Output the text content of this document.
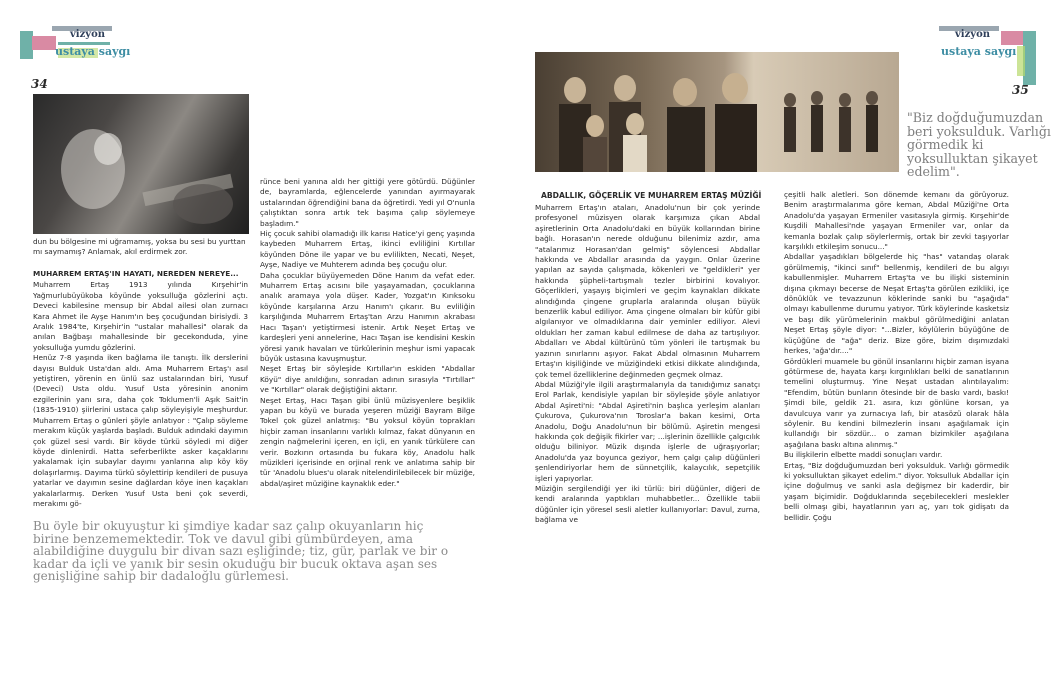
vizyon
ustaya saygı
34
dun bu bölgesine mi uğramamış, yoksa bu sesi bu yurttan mı saymamış? Anlamak, akıl erdirmek zor.

MUHARREM ERTAŞ'IN HAYATI, NEREDEN NEREYE...

Muharrem Ertaş 1913 yılında Kırşehir'in Yağmurlubüyükoba köyünde yoksulluğa gözlerini açtı. Deveci kabilesine mensup bir Abdal ailesi olan zurnacı Kara Ahmet ile Ayşe Hanım'ın beş çocuğundan birisiydi. 3 Aralık 1984'te, Kırşehir'in "ustalar mahallesi" olarak da anılan Bağbaşı mahallesinde bir gecekonduda, yine yoksulluğa yumdu gözlerini.

Henüz 7-8 yaşında iken bağlama ile tanıştı. İlk derslerini dayısı Bulduk Usta'dan aldı. Ama Muharrem Ertaş'ı asıl yetiştiren, yörenin en ünlü saz ustalarından biri, Yusuf (Deveci) Usta oldu. Yusuf Usta yöresinin anonim ezgilerinin yanı sıra, daha çok Toklumen'li Aşık Sait'in (1835-1910) şiirlerini ustaca çalıp söyleyişiyle meşhurdur. Muharrem Ertaş o günleri şöyle anlatıyor : "Çalıp söyleme merakım küçük yaşlarda başladı. Bulduk adındaki dayımın çok güzel sesi vardı. Bir köyde türkü söyledi mi diğer köyde dinlenirdi. Hatta seferberlikte asker kaçaklarını yakalamak için subaylar dayımı yanlarına alıp köy köy dolaşırlarmış. Dayıma türkü söylettirip kendileri de pusuya yatarlar ve dayımın sesine dağlardan köye inen kaçakları yakalarlarmış. Derken Yusuf Usta beni çok severdi, merakımı gö-

rünce beni yanına aldı her gittiği yere götürdü. Düğünler de, bayramlarda, eğlencelerde yanından ayırmayarak ustalarından öğrendiğini bana da öğretirdi. Yedi yıl O'nunla çalıştıktan sonra artık tek başıma çalıp söylemeye başladım."

Hiç çocuk sahibi olamadığı ilk karısı Hatice'yi genç yaşında kaybeden Muharrem Ertaş, ikinci evliliğini Kırtıllar köyünden Döne ile yapar ve bu evlilikten, Necati, Neşet, Ayşe, Nadiye ve Muhterem adında beş çocuğu olur.

Daha çocuklar büyüyemeden Döne Hanım da vefat eder. Muharrem Ertaş acısını bile yaşayamadan, çocuklarına analık aramaya yola düşer. Kader, Yozgat'ın Kırıksoku köyünde karşılarına Arzu Hanım'ı çıkarır. Bu evliliğin karşılığında Muharrem Ertaş'tan Arzu Hanımın akrabası Hacı Taşan'ı yetiştirmesi istenir. Artık Neşet Ertaş ve kardeşleri yeni annelerine, Hacı Taşan ise kendisini Keskin yöresi yanık havaları ve türkülerinin meşhur ismi yapacak büyük ustasına kavuşmuştur.

Neşet Ertaş bir söyleşide Kırtıllar'ın eskiden "Abdallar Köyü" diye anıldığını, sonradan adının sırasıyla "Tırtıllar" ve "Kırtıllar" olarak değiştiğini aktarır.

Neşet Ertaş, Hacı Taşan gibi ünlü müzisyenlere beşiklik yapan bu köyü ve burada yeşeren müziği Bayram Bilge Tokel çok güzel anlatmış: "Bu yoksul köyün toprakları hiçbir zaman insanlarını varlıklı kılmaz, fakat dünyanın en zengin nağmelerini içeren, en içli, en yanık türkülere can verir. Bozkırın ortasında bu fukara köy, Anadolu halk müzikleri içerisinde en orjinal renk ve anlatıma sahip bir tür 'Anadolu blues'u olarak nitelendirilebilecek bir müziğe, abdal/aşiret müziğine kaynaklık eder."

Bu öyle bir okuyuştur ki şimdiye kadar saz çalıp okuyanların hiç birine benzememektedir. Tok ve davul gibi gümbürdeyen, ama alabildiğine duygulu bir divan sazı eşliğinde; tiz, gür, parlak ve bir o kadar da içli ve yanık bir sesin okuduğu bir bucuk oktava aşan ses genişliğine sahip bir dadaloğlu gürlemesi.
vizyon
ustaya saygı
35
"Biz doğduğumuzdan beri yoksulduk. Varlığı görmedik ki yoksulluktan şikayet edelim".
ABDALLIK, GÖÇERLİK VE MUHARREM ERTAŞ MÜZİĞİ

Muharrem Ertaş'ın ataları, Anadolu'nun bir çok yerinde profesyonel müzisyen olarak karşımıza çıkan Abdal aşiretlerinin Orta Anadolu'daki en büyük kollarından birine bağlı. Horasan'ın nerede olduğunu bilenimiz azdır, ama "atalarımız Horasan'dan gelmiş" söylencesi Abdallar hakkında ve Abdallar arasında da yaygın. Onlar üzerine yapılan az sayıda çalışmada, kökenleri ve "geldikleri" yer hakkında şüpheli-tartışmalı tezler birbirini kovalıyor. Göçerlikleri, yaşayış biçimleri ve geçim kaynakları dikkate alındığında çingene gruplarla aralarında oluşan büyük benzerlik kabul ediliyor. Ama çingene olmaları bir küfür gibi algılanıyor ve olmadıklarına dair yeminler ediliyor. Alevi oldukları her zaman kabul edilmese de daha az tartışılıyor. Abdalları ve Abdal kültürünü tüm yönleri ile tartışmak bu yazının sınırlarını aşıyor. Fakat Abdal olmasının Muharrem Ertaş'ın kişiliğinde ve müziğindeki etkisi dikkate alındığında, çok temel özelliklerine değinmeden geçmek olmaz.

Abdal Müziği'yle ilgili araştırmalarıyla da tanıdığımız sanatçı Erol Parlak, kendisiyle yapılan bir söyleşide şöyle anlatıyor Abdal Aşireti'ni: "Abdal Aşireti'nin başlıca yerleşim alanları Çukurova, Çukurova'nın Toroslar'a bakan kesimi, Orta Anadolu, Doğu Anadolu'nun bir bölümü. Aşiretin mengesi hakkında çok değişik fikirler var; ...işlerinin özellikle çalgıcılık olduğu biliniyor. Müzik dışında işlerle de uğraşıyorlar; Anadolu'da yaz boyunca geziyor, hem çalgı çalıp düğünleri şenlendiriyorlar hem de sünnetçilik, kalaycılık, sepetçilik işleri yapıyorlar.

Müziğin sergilendiği yer iki türlü: biri düğünler, diğeri de kendi aralarında yaptıkları muhabbetler... Özellikle tabii düğünler için yöresel sesli aletler kullanıyorlar: Davul, zurna, bağlama ve

çeşitli halk aletleri. Son dönemde kemanı da görüyoruz. Benim araştırmalarıma göre keman, Abdal Müziği'ne Orta Anadolu'da yaşayan Ermeniler vasıtasıyla girmiş. Kırşehir'de Kuşdili Mahallesi'nde yaşayan Ermeniler var, onlar da kemanla bozlak çalıp söylerlermiş, ortak bir zevki taşıyorlar karşılıklı etkileşim sonucu..."

Abdallar yaşadıkları bölgelerde hiç "has" vatandaş olarak görülmemiş, "ikinci sınıf" bellenmiş, kendileri de bu algıyı kabullenmişler. Muharrem Ertaş'ta ve bu ilişki sisteminin dışına çıkmayı becerse de Neşat Ertaş'ta görülen ezikliki, içe dönüklük ve tevazzunun köklerinde sanki bu "aşağıda" olmayı kabullenme durumu yatıyor. Türk köylerinde kasketsiz ve başı dik yürümelerinin makbul görülmediğini anlatan Neşet Ertaş şöyle diyor: "...Bizler, köylülerin büyüğüne de küçüğüne de "ağa" deriz. Bize göre, bizim dışımızdaki herkes, 'ağa'dır...."

Gördükleri muamele bu gönül insanlarını hiçbir zaman isyana götürmese de, hayata karşı kırgınlıkları belki de sanatlarının temelini oluşturmuş. Yine Neşat ustadan alıntılayalım: "Efendim, bütün bunların ötesinde bir de baskı vardı, baskı! Şimdi bile, geldik 21. asıra, kızı gönlüne korsan, ya davulcuya varır ya zurnacıya lafı, bir atasözü olarak hâla söylenir. Bu kendini bilmezlerin insanı aşağılamak için kullandığı bir sözdür... o zaman bizimkiler aşağılana aşağılana baskı altına alınmış."

Bu ilişkilerin elbette maddi sonuçları vardır.

Ertaş, "Biz doğduğumuzdan beri yoksulduk. Varlığı görmedik ki yoksulluktan şikayet edelim." diyor. Yoksulluk Abdallar için içine doğulmuş ve sanki asla değişmez bir kaderdir, bir yaşam biçimidir. Doğduklarında seçebilecekleri meslekler belli olmaşı gibi, hayatlarının yarı aç, yarı tok gidişatı da bellidir. Çoğu
